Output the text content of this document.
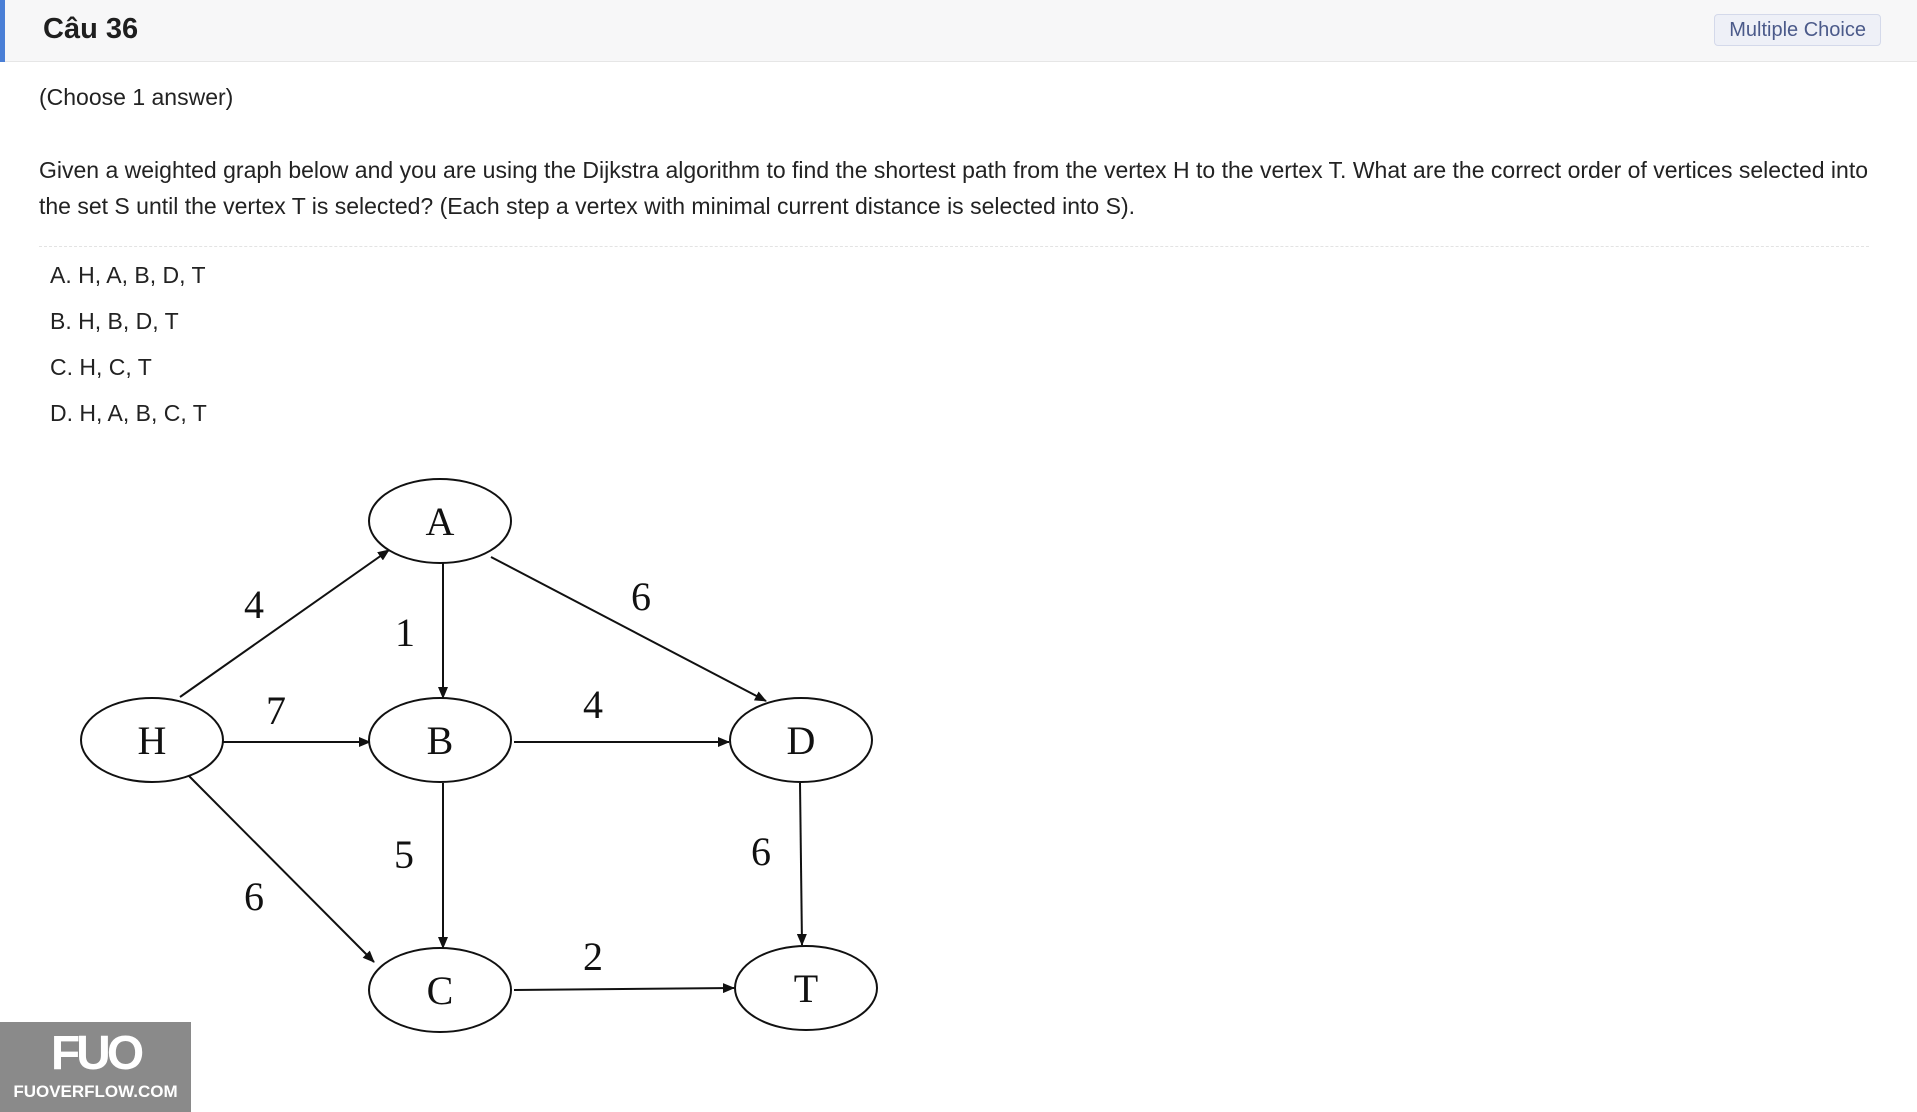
Câu 36	Multiple Choice
(Choose 1 answer)
Given a weighted graph below and you are using the Dijkstra algorithm to find the shortest path from the vertex H to the vertex T. What are the correct order of vertices selected into the set S until the vertex T is selected? (Each step a vertex with minimal current distance is selected into S).
A. H, A, B, D, T
B. H, B, D, T
C. H, C, T
D. H, A, B, C, T
4
1
6
7	4
5	6
6
2
A
H	B	D
C	T
FUO
FUOVERFLOW.COM
